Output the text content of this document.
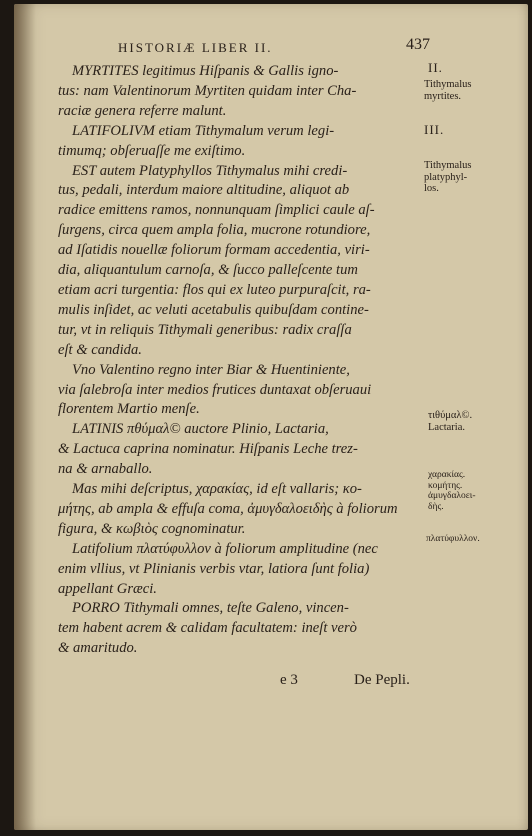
HISTORIÆ LIBER II.	437
MYRTITES legitimus Hiſpanis & Gallis igno-
tus: nam Valentinorum Myrtiten quidam inter Cha-
raciæ genera referre malunt.
LATIFOLIVM etiam Tithymalum verum legi-
timumq; obſeruaſſe me exiſtimo.
EST autem Platyphyllos Tithymalus mihi credi-
tus, pedali, interdum maiore altitudine, aliquot ab
radice emittens ramos, nonnunquam ſimplici caule aſ-
ſurgens, circa quem ampla folia, mucrone rotundiore,
ad Iſatidis nouellæ foliorum formam accedentia, viri-
dia, aliquantulum carnoſa, & ſucco palleſcente tum
etiam acri turgentia: flos qui ex luteo purpuraſcit, ra-
mulis inſidet, ac veluti acetabulis quibuſdam contine-
tur, vt in reliquis Tithymali generibus: radix craſſa
eſt & candida.
Vno Valentino regno inter Biar & Huentiniente,
via ſalebroſa inter medios frutices duntaxat obſeruaui
florentem Martio menſe.
LATINIS πθύμαλ© auctore Plinio, Lactaria,
& Lactuca caprina nominatur. Hiſpanis Leche trez-
na & arnaballo.
Mas mihi deſcriptus, χαρακίας, id eſt vallaris; κο-
μήτης, ab ampla & effuſa coma, ἀμυγδαλοειδὴς à foliorum
figura, & κωβιὸς cognominatur.
Latifolium πλατύφυλλον à foliorum amplitudine (nec
enim vllius, vt Plinianis verbis vtar, latiora ſunt folia)
appellant Græci.
PORRO Tithymali omnes, teſte Galeno, vincen-
tem habent acrem & calidam facultatem: ineſt verò
& amaritudo.
II.
Tithymalus
myrtites.
III.
Tithymalus
platyphyl-
los.
τιθύμαλ©.
Lactaria.
χαρακίας.
κομήτης.
ἀμυγδαλοει-
δὴς.
πλατύφυλλον.
e 3	De Pepli.
